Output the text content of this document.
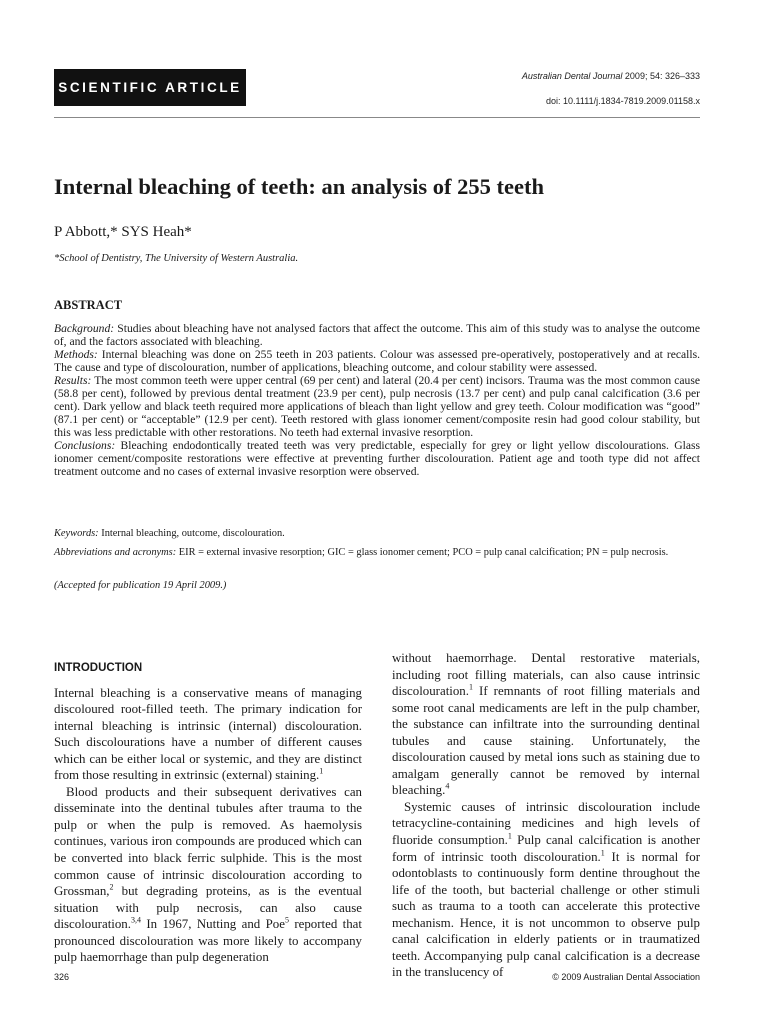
SCIENTIFIC ARTICLE
Australian Dental Journal 2009; 54: 326–333
doi: 10.1111/j.1834-7819.2009.01158.x
Internal bleaching of teeth: an analysis of 255 teeth
P Abbott,* SYS Heah*
*School of Dentistry, The University of Western Australia.
ABSTRACT

Background: Studies about bleaching have not analysed factors that affect the outcome. This aim of this study was to analyse the outcome of, and the factors associated with bleaching.

Methods: Internal bleaching was done on 255 teeth in 203 patients. Colour was assessed pre-operatively, postoperatively and at recalls. The cause and type of discolouration, number of applications, bleaching outcome, and colour stability were assessed.

Results: The most common teeth were upper central (69 per cent) and lateral (20.4 per cent) incisors. Trauma was the most common cause (58.8 per cent), followed by previous dental treatment (23.9 per cent), pulp necrosis (13.7 per cent) and pulp canal calcification (3.6 per cent). Dark yellow and black teeth required more applications of bleach than light yellow and grey teeth. Colour modification was “good” (87.1 per cent) or “acceptable” (12.9 per cent). Teeth restored with glass ionomer cement/composite resin had good colour stability, but this was less predictable with other restorations. No teeth had external invasive resorption.

Conclusions: Bleaching endodontically treated teeth was very predictable, especially for grey or light yellow discolourations. Glass ionomer cement/composite restorations were effective at preventing further discolouration. Patient age and tooth type did not affect treatment outcome and no cases of external invasive resorption were observed.

Keywords: Internal bleaching, outcome, discolouration.
Abbreviations and acronyms: EIR = external invasive resorption; GIC = glass ionomer cement; PCO = pulp canal calcification; PN = pulp necrosis.
(Accepted for publication 19 April 2009.)
INTRODUCTION

Internal bleaching is a conservative means of managing discoloured root-filled teeth. The primary indication for internal bleaching is intrinsic (internal) discolouration. Such discolourations have a number of different causes which can be either local or systemic, and they are distinct from those resulting in extrinsic (external) staining.$^1$

Blood products and their subsequent derivatives can disseminate into the dentinal tubules after trauma to the pulp or when the pulp is removed. As haemolysis continues, various iron compounds are produced which can be converted into black ferric sulphide. This is the most common cause of intrinsic discolouration according to Grossman,$^2$ but degrading proteins, as is the eventual situation with pulp necrosis, can also cause discolouration.$^{3,4}$ In 1967, Nutting and Poe$^5$ reported that pronounced discolouration was more likely to accompany pulp haemorrhage than pulp degeneration

without haemorrhage. Dental restorative materials, including root filling materials, can also cause intrinsic discolouration.$^1$ If remnants of root filling materials and some root canal medicaments are left in the pulp chamber, the substance can infiltrate into the surrounding dentinal tubules and cause staining. Unfortunately, the discolouration caused by metal ions such as staining due to amalgam generally cannot be removed by internal bleaching.$^4$

Systemic causes of intrinsic discolouration include tetracycline-containing medicines and high levels of fluoride consumption.$^1$ Pulp canal calcification is another form of intrinsic tooth discolouration.$^1$ It is normal for odontoblasts to continuously form dentine throughout the life of the tooth, but bacterial challenge or other stimuli such as trauma to a tooth can accelerate this protective mechanism. Hence, it is not uncommon to observe pulp canal calcification in elderly patients or in traumatized teeth. Accompanying pulp canal calcification is a decrease in the translucency of

326	© 2009 Australian Dental Association
